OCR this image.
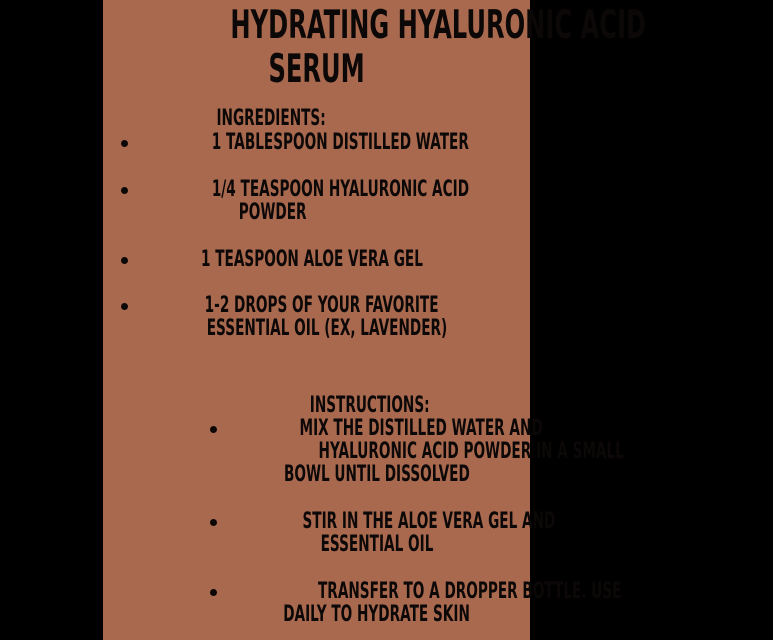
HYDRATING HYALURONIC ACID
SERUM
INGREDIENTS:
1 TABLESPOON DISTILLED WATER
1/4 TEASPOON HYALURONIC ACID
POWDER
1 TEASPOON ALOE VERA GEL
1-2 DROPS OF YOUR FAVORITE
ESSENTIAL OIL (EX, LAVENDER)
INSTRUCTIONS:
MIX THE DISTILLED WATER AND
HYALURONIC ACID POWDER IN A SMALL
BOWL UNTIL DISSOLVED
STIR IN THE ALOE VERA GEL AND
ESSENTIAL OIL
TRANSFER TO A DROPPER BOTTLE. USE
DAILY TO HYDRATE SKIN
